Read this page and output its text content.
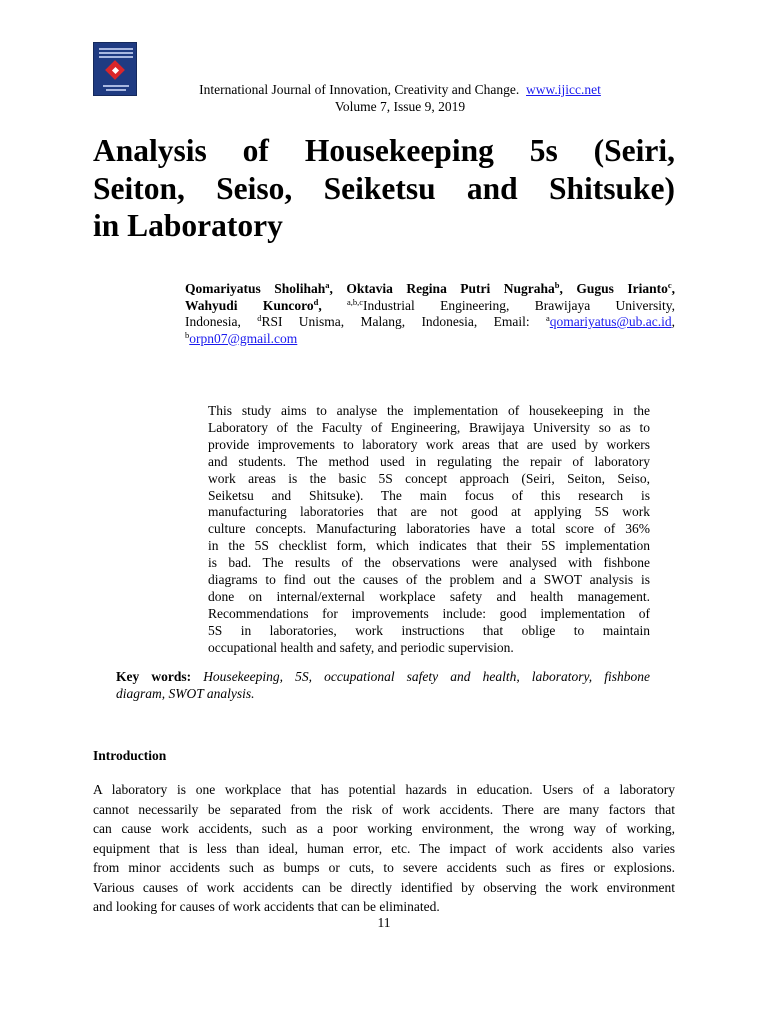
International Journal of Innovation, Creativity and Change. www.ijicc.net
Volume 7, Issue 9, 2019
Analysis of Housekeeping 5s (Seiri,
Seiton, Seiso, Seiketsu and Shitsuke)
in Laboratory
Qomariyatus Sholihah$^a$, Oktavia Regina Putri Nugraha$^b$, Gugus Irianto$^c$,
Wahyudi Kuncoro$^d$,	$^{a,b,c}$Industrial Engineering, Brawijaya University,
Indonesia, $^d$RSI Unisma, Malang, Indonesia, Email: $^a$qomariyatus@ub.ac.id,
$^b$orpn07@gmail.com
This study aims to analyse the implementation of housekeeping in the
Laboratory of the Faculty of Engineering, Brawijaya University so as to
provide improvements to laboratory work areas that are used by workers
and students. The method used in regulating the repair of laboratory
work areas is the basic 5S concept approach (Seiri, Seiton, Seiso,
Seiketsu and Shitsuke). The main focus of this research is
manufacturing laboratories that are not good at applying 5S work
culture concepts. Manufacturing laboratories have a total score of 36%
in the 5S checklist form, which indicates that their 5S implementation
is bad. The results of the observations were analysed with fishbone
diagrams to find out the causes of the problem and a SWOT analysis is
done on internal/external workplace safety and health management.
Recommendations for improvements include: good implementation of
5S in laboratories, work instructions that oblige to maintain
occupational health and safety, and periodic supervision.
Key words: Housekeeping, 5S, occupational safety and health, laboratory, fishbone
diagram, SWOT analysis.
Introduction
A laboratory is one workplace that has potential hazards in education. Users of a laboratory
cannot necessarily be separated from the risk of work accidents. There are many factors that
can cause work accidents, such as a poor working environment, the wrong way of working,
equipment that is less than ideal, human error, etc. The impact of work accidents also varies
from minor accidents such as bumps or cuts, to severe accidents such as fires or explosions.
Various causes of work accidents can be directly identified by observing the work environment
and looking for causes of work accidents that can be eliminated.
11
